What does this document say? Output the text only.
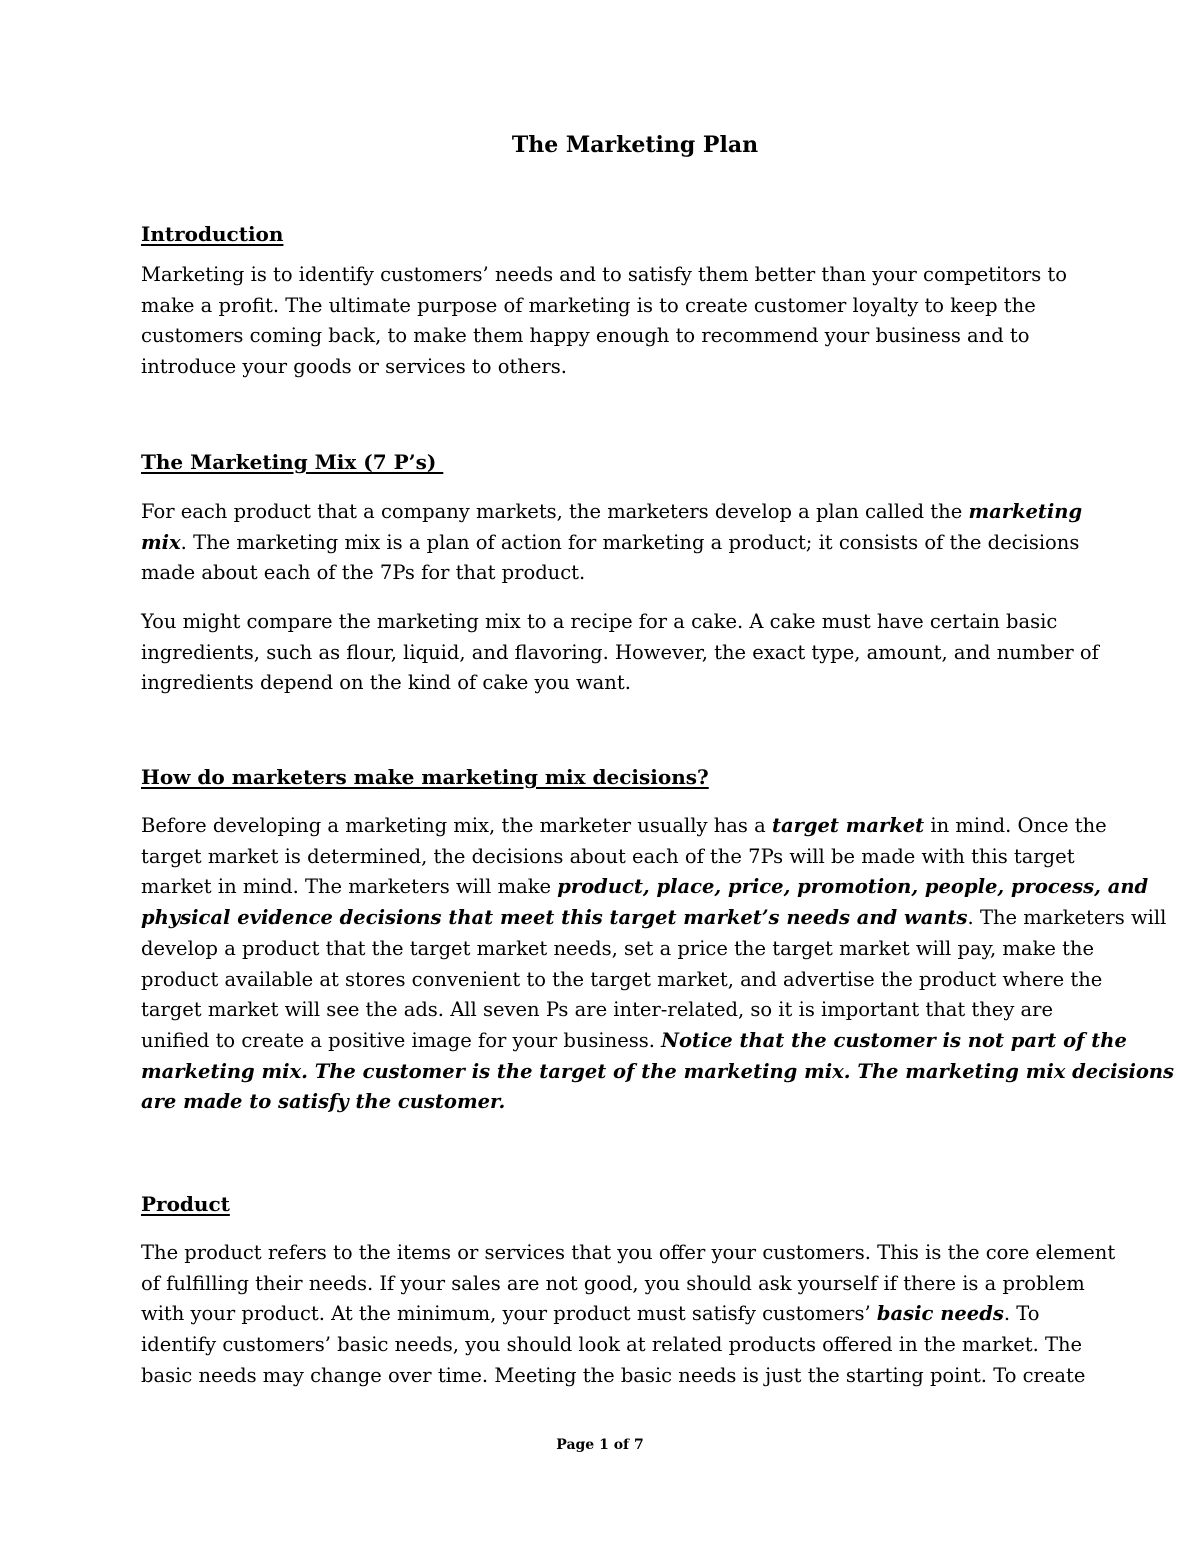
The Marketing Plan
Introduction

Marketing is to identify customers’ needs and to satisfy them better than your competitors to
make a profit. The ultimate purpose of marketing is to create customer loyalty to keep the
customers coming back, to make them happy enough to recommend your business and to
introduce your goods or services to others.

The Marketing Mix (7 P’s)

For each product that a company markets, the marketers develop a plan called the marketing
mix. The marketing mix is a plan of action for marketing a product; it consists of the decisions
made about each of the 7Ps for that product.

You might compare the marketing mix to a recipe for a cake. A cake must have certain basic
ingredients, such as flour, liquid, and flavoring. However, the exact type, amount, and number of
ingredients depend on the kind of cake you want.

How do marketers make marketing mix decisions?

Before developing a marketing mix, the marketer usually has a target market in mind. Once the
target market is determined, the decisions about each of the 7Ps will be made with this target
market in mind. The marketers will make product, place, price, promotion, people, process, and
physical evidence decisions that meet this target market’s needs and wants. The marketers will
develop a product that the target market needs, set a price the target market will pay, make the
product available at stores convenient to the target market, and advertise the product where the
target market will see the ads. All seven Ps are inter-related, so it is important that they are
unified to create a positive image for your business. Notice that the customer is not part of the
marketing mix. The customer is the target of the marketing mix. The marketing mix decisions
are made to satisfy the customer.

Product

The product refers to the items or services that you offer your customers. This is the core element
of fulfilling their needs. If your sales are not good, you should ask yourself if there is a problem
with your product. At the minimum, your product must satisfy customers’ basic needs. To
identify customers’ basic needs, you should look at related products offered in the market. The
basic needs may change over time. Meeting the basic needs is just the starting point. To create

Page 1 of 7
